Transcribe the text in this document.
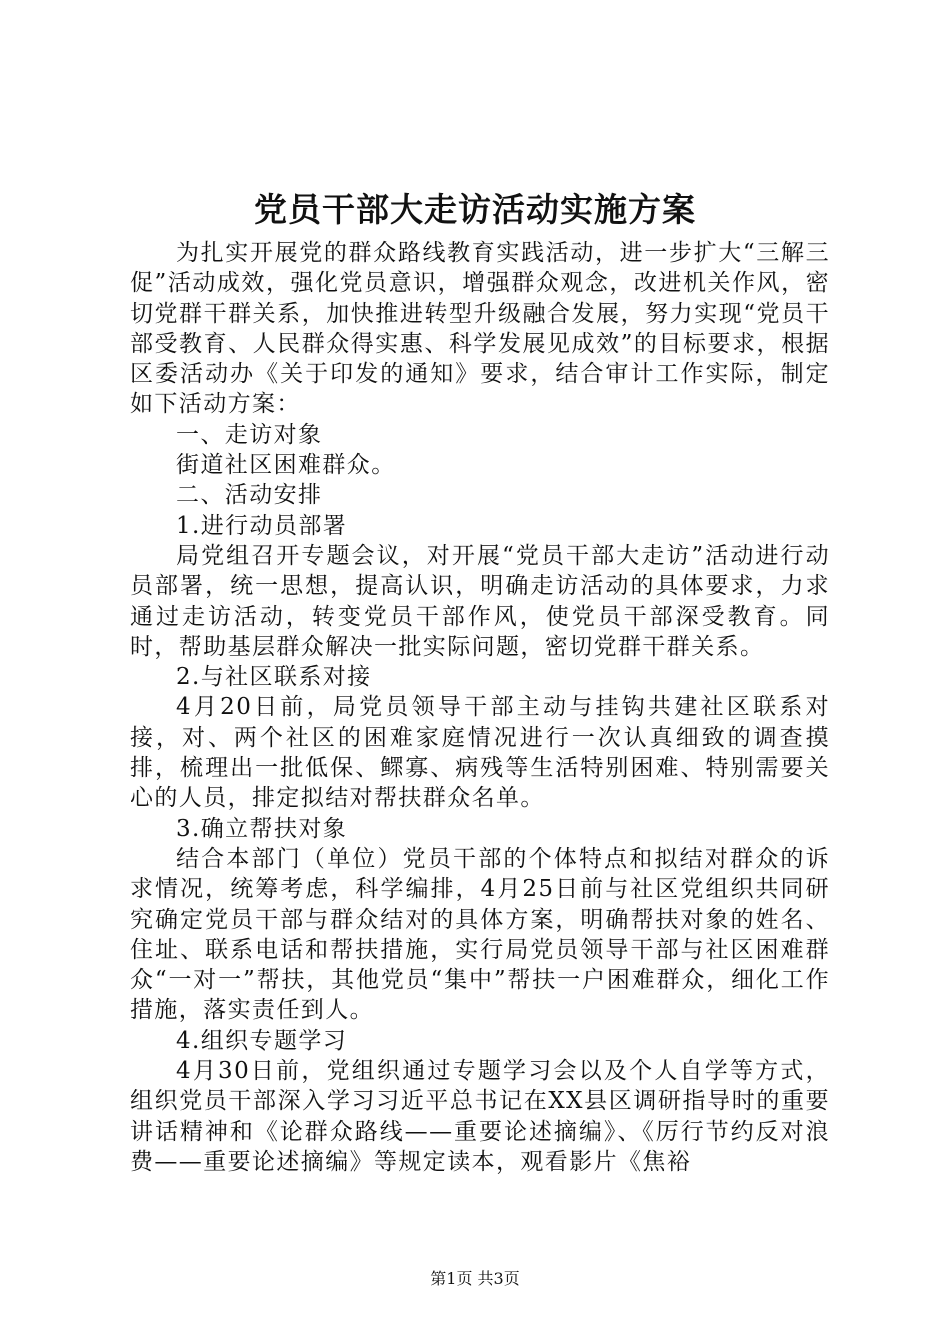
党员干部大走访活动实施方案

为扎实开展党的群众路线教育实践活动，进一步扩大“三解三促”活动成效，强化党员意识，增强群众观念，改进机关作风，密切党群干群关系，加快推进转型升级融合发展，努力实现“党员干部受教育、人民群众得实惠、科学发展见成效”的目标要求，根据区委活动办《关于印发的通知》要求，结合审计工作实际，制定如下活动方案：

一、走访对象

街道社区困难群众。

二、活动安排

1.进行动员部署

局党组召开专题会议，对开展“党员干部大走访”活动进行动员部署，统一思想，提高认识，明确走访活动的具体要求，力求通过走访活动，转变党员干部作风，使党员干部深受教育。同时，帮助基层群众解决一批实际问题，密切党群干群关系。

2.与社区联系对接

4月20日前，局党员领导干部主动与挂钩共建社区联系对接，对、两个社区的困难家庭情况进行一次认真细致的调查摸排，梳理出一批低保、鳏寡、病残等生活特别困难、特别需要关心的人员，排定拟结对帮扶群众名单。

3.确立帮扶对象

结合本部门（单位）党员干部的个体特点和拟结对群众的诉求情况，统筹考虑，科学编排，4月25日前与社区党组织共同研究确定党员干部与群众结对的具体方案，明确帮扶对象的姓名、住址、联系电话和帮扶措施，实行局党员领导干部与社区困难群众“一对一”帮扶，其他党员“集中”帮扶一户困难群众，细化工作措施，落实责任到人。

4.组织专题学习

4月30日前，党组织通过专题学习会以及个人自学等方式，组织党员干部深入学习习近平总书记在XX县区调研指导时的重要讲话精神和《论群众路线——重要论述摘编》、《厉行节约反对浪费——重要论述摘编》等规定读本，观看影片《焦裕

第1页 共3页
